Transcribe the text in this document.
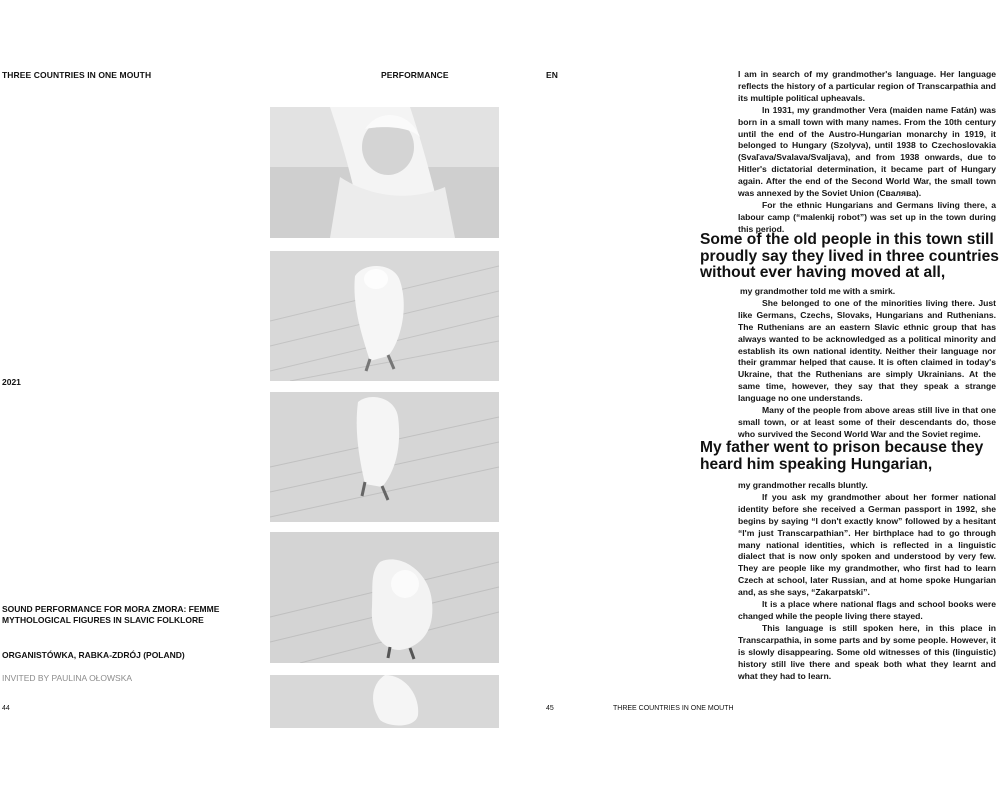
THREE COUNTRIES IN ONE MOUTH	PERFORMANCE
2021
SOUND PERFORMANCE FOR MORA ZMORA: FEMME MYTHOLOGICAL FIGURES IN SLAVIC FOLKLORE
ORGANISTÓWKA, RABKA-ZDRÓJ (POLAND)
INVITED BY PAULINA OŁOWSKA
44
EN	I am in search of my grandmother's language. Her language reflects the history of a particular region of Transcarpathia and its multiple political upheavals.

In 1931, my grandmother Vera (maiden name Fatán) was born in a small town with many names. From the 10th century until the end of the Austro-Hungarian monarchy in 1919, it belonged to Hungary (Szolyva), until 1938 to Czechoslovakia (Svaľava/Svalava/Svaljava), and from 1938 onwards, due to Hitler's dictatorial determination, it became part of Hungary again. After the end of the Second World War, the small town was annexed by the Soviet Union (Свалява).

For the ethnic Hungarians and Germans living there, a labour camp (“malenkij robot”) was set up in the town during this period.

Some of the old people in this town still proudly say they lived in three countries without ever having moved at all,

my grandmother told me with a smirk.

She belonged to one of the minorities living there. Just like Germans, Czechs, Slovaks, Hungarians and Ruthenians. The Ruthenians are an eastern Slavic ethnic group that has always wanted to be acknowledged as a political minority and establish its own national identity. Neither their language nor their grammar helped that cause. It is often claimed in today's Ukraine, that the Ruthenians are simply Ukrainians. At the same time, however, they say that they speak a strange language no one understands.

Many of the people from above areas still live in that one small town, or at least some of their descendants do, those who survived the Second World War and the Soviet regime.

My father went to prison because they heard him speaking Hungarian,

my grandmother recalls bluntly.

If you ask my grandmother about her former national identity before she received a German passport in 1992, she begins by saying “I don't exactly know” followed by a hesitant “I'm just Transcarpathian”. Her birthplace had to go through many national identities, which is reflected in a linguistic dialect that is now only spoken and understood by very few. They are people like my grandmother, who first had to learn Czech at school, later Russian, and at home spoke Hungarian and, as she says, “Zakarpatski”.

It is a place where national flags and school books were changed while the people living there stayed.

This language is still spoken here, in this place in Transcarpathia, in some parts and by some people. However, it is slowly disappearing. Some old witnesses of this (linguistic) history still live there and speak both what they learnt and what they had to learn.

45	THREE COUNTRIES IN ONE MOUTH
